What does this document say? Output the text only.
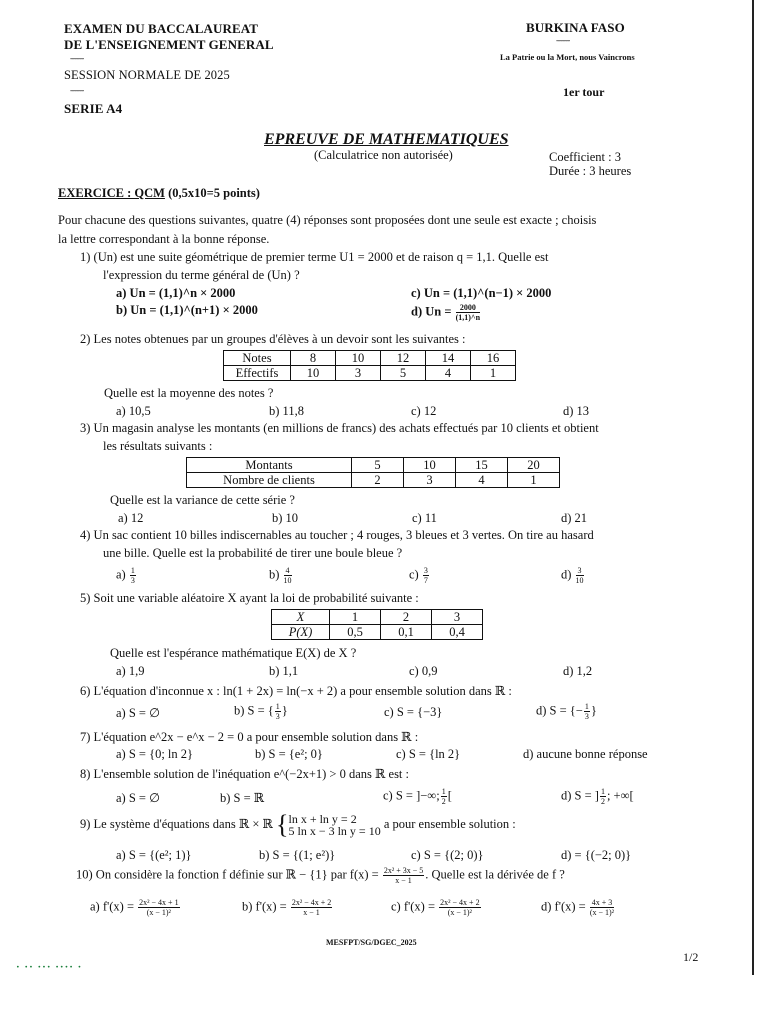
EXAMEN DU BACCALAUREAT
DE L'ENSEIGNEMENT GENERAL
--------
SESSION NORMALE DE 2025
--------
SERIE A4
BURKINA FASO
--------
La Patrie ou la Mort, nous Vaincrons
1er tour
EPREUVE DE MATHEMATIQUES
(Calculatrice non autorisée)	Coefficient : 3
Durée : 3 heures
EXERCICE : QCM (0,5x10=5 points)
Pour chacune des questions suivantes, quatre (4) réponses sont proposées dont une seule est exacte ; choisis
la lettre correspondant à la bonne réponse.
1) (Un) est une suite géométrique de premier terme U1 = 2000 et de raison q = 1,1. Quelle est
l'expression du terme général de (Un) ?
a) Un = (1,1)^n × 2000
b) Un = (1,1)^(n+1) × 2000
c) Un = (1,1)^(n−1) × 2000
d) $Un = \frac{2000}{(1,1)\^{}n}$
2) Les notes obtenues par un groupes d'élèves à un devoir sont les suivantes :
Notes	8	10	12	14	16
Effectifs	10	3	5	4	1
Quelle est la moyenne des notes ?
a) 10,5	b) 11,8	c) 12	d) 13
3) Un magasin analyse les montants (en millions de francs) des achats effectués par 10 clients et obtient
les résultats suivants :
Montants	5	10	15	20
Nombre de clients	2	3	4	1
Quelle est la variance de cette série ?
a) 12	b) 10	c) 11	d) 21
4) Un sac contient 10 billes indiscernables au toucher ; 4 rouges, 3 bleues et 3 vertes. On tire au hasard
une bille. Quelle est la probabilité de tirer une boule bleue ?
$a) \frac{1}{3}$	$b) \frac{4}{10}$	$c) \frac{3}{7}$	$d) \frac{3}{10}$
5) Soit une variable aléatoire X ayant la loi de probabilité suivante :
X	1	2	3
P(X)	0,5	0,1	0,4
Quelle est l'espérance mathématique E(X) de X ?
a) 1,9	b) 1,1	c) 0,9	d) 1,2
6) L'équation d'inconnue x : ln(1 + 2x) = ln(−x + 2) a pour ensemble solution dans ℝ :
a) S = ∅	b) S = { $\frac{1}{3}$ }	c) S = {−3}	d) S = {− $\frac{1}{3}$ }
7) L'équation e^2x − e^x − 2 = 0 a pour ensemble solution dans ℝ :
a) S = {0; ln 2}	b) S = {e²; 0}	c) S = {ln 2}	d) aucune bonne réponse
8) L'ensemble solution de l'inéquation e^(−2x+1) > 0 dans ℝ est :
a) S = ∅	b) S = ℝ	c) S = ]−∞; $\frac{1}{2}$ [	d) S = ] $\frac{1}{2}$ ; +∞[
9) Le système d'équations dans ℝ × ℝ { ln x + ln y = 2
5 ln x − 3 ln y = 10
a pour ensemble solution :
a) S = {(e²; 1)}	b) S = {(1; e²)}	c) S = {(2; 0)}	d) = {(−2; 0)}
10) On considère la fonction f définie sur ℝ − {1} par $f(x) = \frac{\text{2x² + 3x − 5}}{x - 1}$ . Quelle est la dérivée de f ?
a) $f'(x) = \frac{\text{2x² − 4x + 1}}{\text{(x − 1)²}}$	b) $f'(x) = \frac{\text{2x² − 4x + 2}}{x - 1}$	c) $f'(x) = \frac{\text{2x² − 4x + 2}}{\text{(x − 1)²}}$	d) $f'(x) = \frac{4x + 3}{\text{(x − 1)²}}$
MESFPT/SG/DGEC_2025
1/2
· ·· ··· ···· ·
